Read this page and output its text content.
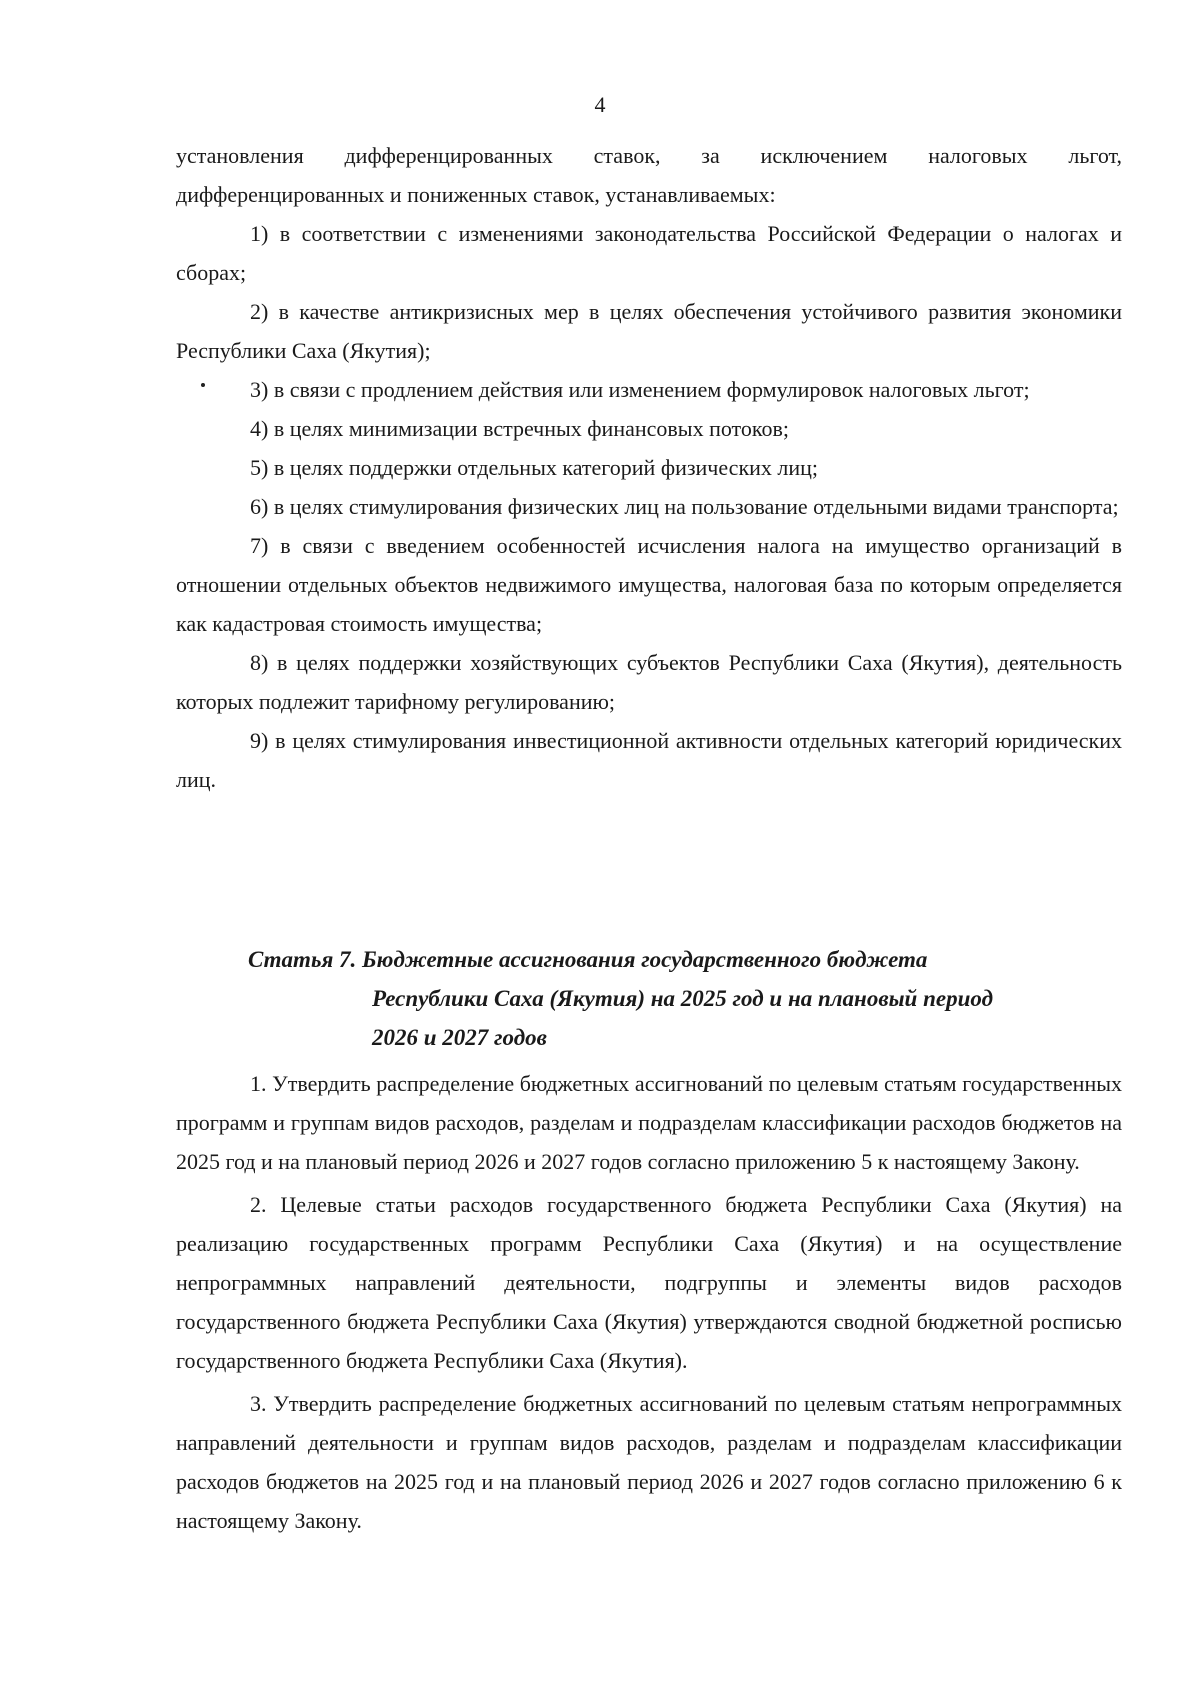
4

установления дифференцированных ставок, за исключением налоговых льгот,

дифференцированных и пониженных ставок, устанавливаемых:

1) в соответствии с изменениями законодательства Российской Федерации о налогах и сборах;

2) в качестве антикризисных мер в целях обеспечения устойчивого развития экономики Республики Саха (Якутия);

3) в связи с продлением действия или изменением формулировок налоговых льгот;

4) в целях минимизации встречных финансовых потоков;

5) в целях поддержки отдельных категорий физических лиц;

6) в целях стимулирования физических лиц на пользование отдельными видами транспорта;

7) в связи с введением особенностей исчисления налога на имущество организаций в отношении отдельных объектов недвижимого имущества, налоговая база по которым определяется как кадастровая стоимость имущества;

8) в целях поддержки хозяйствующих субъектов Республики Саха (Якутия), деятельность которых подлежит тарифному регулированию;

9) в целях стимулирования инвестиционной активности отдельных категорий юридических лиц.

Статья 7. Бюджетные ассигнования государственного бюджета
Республики Саха (Якутия) на 2025 год и на плановый период
2026 и 2027 годов

1. Утвердить распределение бюджетных ассигнований по целевым статьям государственных программ и группам видов расходов, разделам и подразделам классификации расходов бюджетов на 2025 год и на плановый период 2026 и 2027 годов согласно приложению 5 к настоящему Закону.

2. Целевые статьи расходов государственного бюджета Республики Саха (Якутия) на реализацию государственных программ Республики Саха (Якутия) и на осуществление непрограммных направлений деятельности, подгруппы и элементы видов расходов государственного бюджета Республики Саха (Якутия) утверждаются сводной бюджетной росписью государственного бюджета Республики Саха (Якутия).

3. Утвердить распределение бюджетных ассигнований по целевым статьям непрограммных направлений деятельности и группам видов расходов, разделам и подразделам классификации расходов бюджетов на 2025 год и на плановый период 2026 и 2027 годов согласно приложению 6 к настоящему Закону.
